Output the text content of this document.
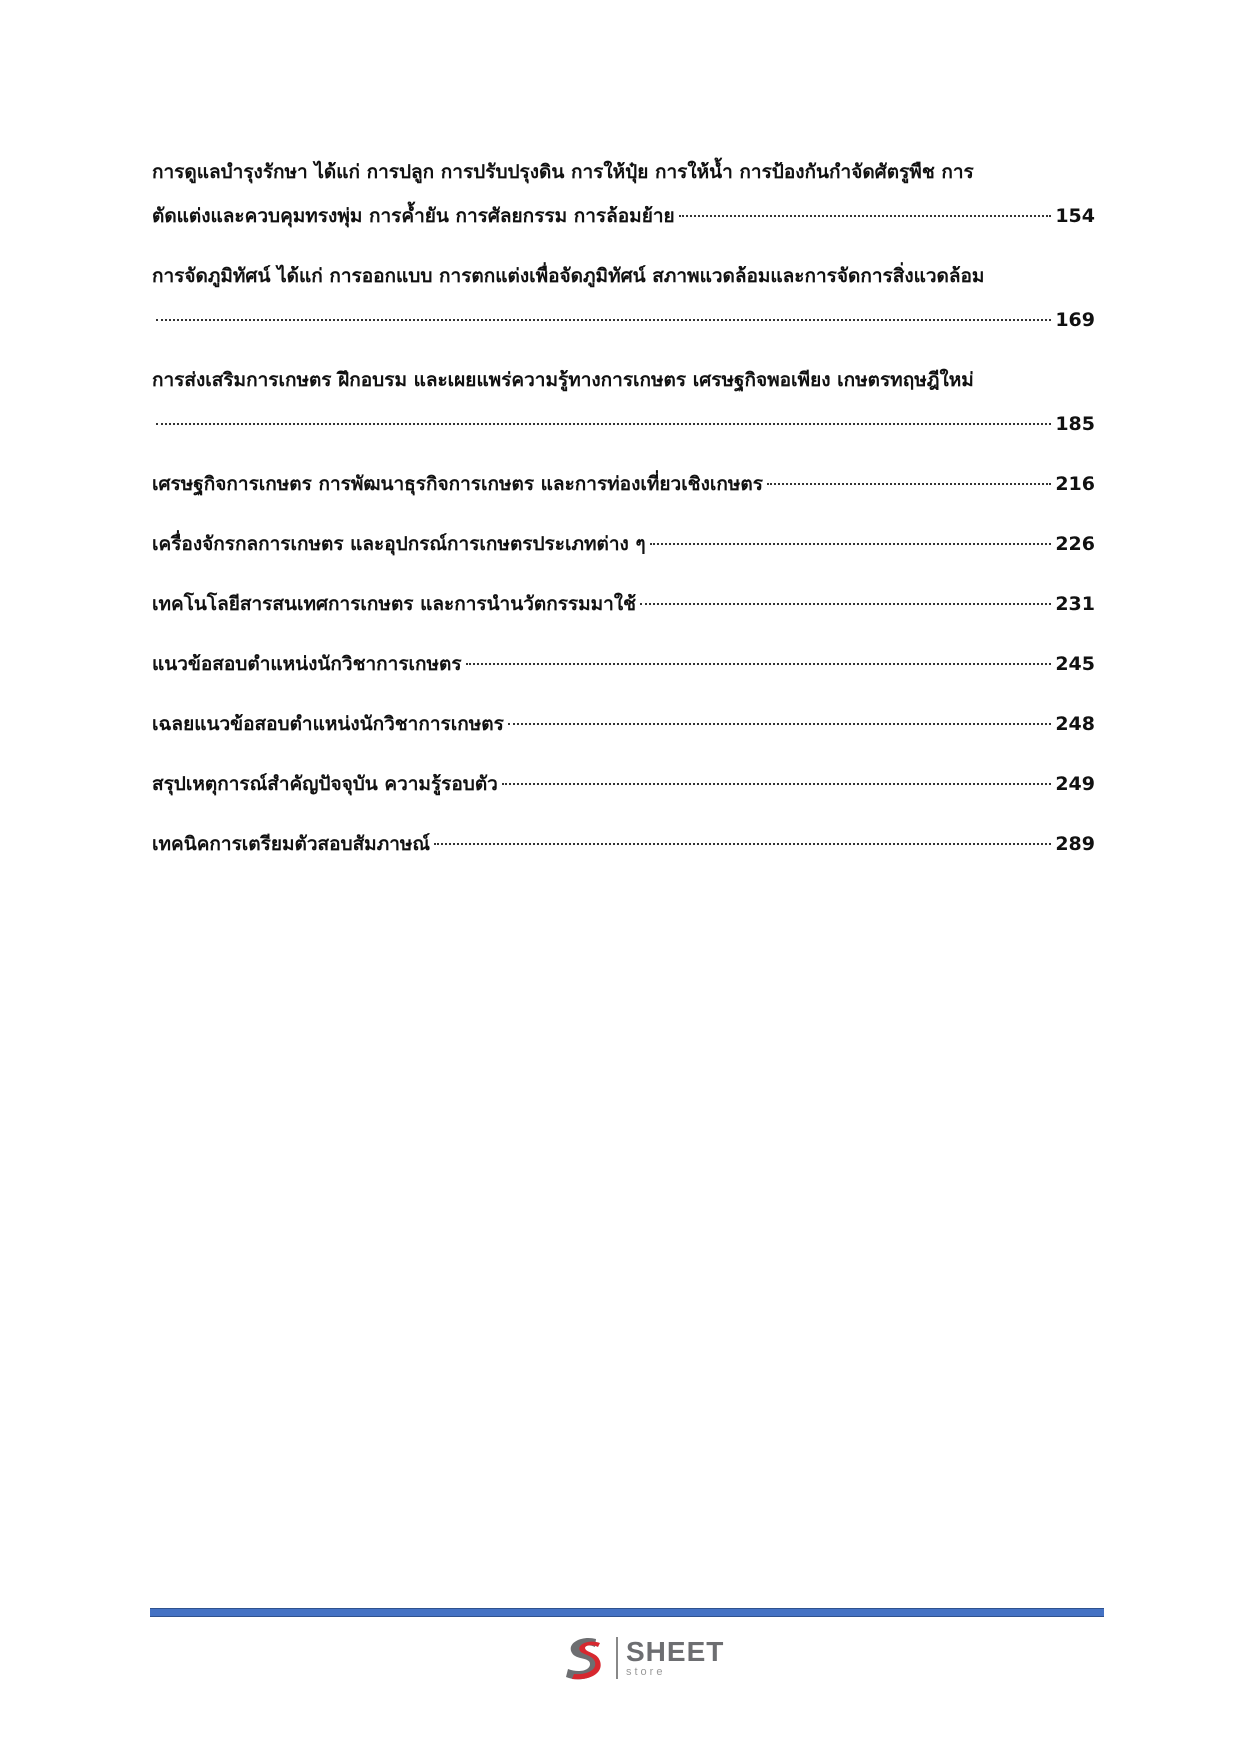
การดูแลบำรุงรักษา ได้แก่ การปลูก การปรับปรุงดิน การให้ปุ๋ย การให้น้ำ การป้องกันกำจัดศัตรูพืช การ
ตัดแต่งและควบคุมทรงพุ่ม การค้ำยัน การศัลยกรรม การล้อมย้าย	154
การจัดภูมิทัศน์ ได้แก่ การออกแบบ การตกแต่งเพื่อจัดภูมิทัศน์ สภาพแวดล้อมและการจัดการสิ่งแวดล้อม
169
การส่งเสริมการเกษตร ฝึกอบรม และเผยแพร่ความรู้ทางการเกษตร เศรษฐกิจพอเพียง เกษตรทฤษฎีใหม่
185
เศรษฐกิจการเกษตร การพัฒนาธุรกิจการเกษตร และการท่องเที่ยวเชิงเกษตร	216
เครื่องจักรกลการเกษตร และอุปกรณ์การเกษตรประเภทต่าง ๆ	226
เทคโนโลยีสารสนเทศการเกษตร และการนำนวัตกรรมมาใช้	231
แนวข้อสอบตำแหน่งนักวิชาการเกษตร	245
เฉลยแนวข้อสอบตำแหน่งนักวิชาการเกษตร	248
สรุปเหตุการณ์สำคัญปัจจุบัน ความรู้รอบตัว	249
เทคนิคการเตรียมตัวสอบสัมภาษณ์	289
SHEET
store
